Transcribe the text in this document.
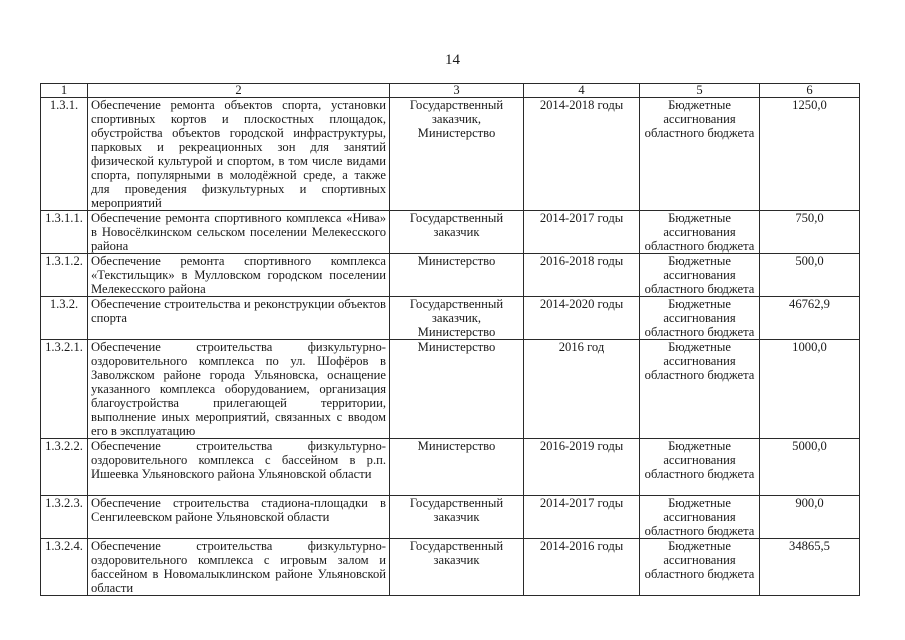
14
1	2	3	4	5	6
1.3.1.	Обеспечение ремонта объектов спорта, установки спортивных кортов и плоскостных площадок, обустройства объектов городской инфраструктуры, парковых и рекреационных зон для занятий физической культурой и спортом, в том числе видами спорта, популярными в молодёжной среде, а также для проведения физкультурных и спортивных мероприятий	Государственный заказчик, Министерство	2014-2018 годы	Бюджетные ассигнования областного бюджета	1250,0
1.3.1.1.	Обеспечение ремонта спортивного комплекса «Нива» в Новосёлкинском сельском поселении Мелекесского района	Государственный заказчик	2014-2017 годы	Бюджетные ассигнования областного бюджета	750,0
1.3.1.2.	Обеспечение ремонта спортивного комплекса «Текстильщик» в Мулловском городском поселении Мелекесского района	Министерство	2016-2018 годы	Бюджетные ассигнования областного бюджета	500,0
1.3.2.	Обеспечение строительства и реконструкции объектов спорта	Государственный заказчик, Министерство	2014-2020 годы	Бюджетные ассигнования областного бюджета	46762,9
1.3.2.1.	Обеспечение строительства физкультурно-оздоровительного комплекса по ул. Шофёров в Заволжском районе города Ульяновска, оснащение указанного комплекса оборудованием, организация благоустройства прилегающей территории, выполнение иных мероприятий, связанных с вводом его в эксплуатацию	Министерство	2016 год	Бюджетные ассигнования областного бюджета	1000,0
1.3.2.2.	Обеспечение строительства физкультурно-оздоровительного комплекса с бассейном в р.п. Ишеевка Ульяновского района Ульяновской области	Министерство	2016-2019 годы	Бюджетные ассигнования областного бюджета	5000,0
1.3.2.3.	Обеспечение строительства стадиона-площадки в Сенгилеевском районе Ульяновской области	Государственный заказчик	2014-2017 годы	Бюджетные ассигнования областного бюджета	900,0
1.3.2.4.	Обеспечение строительства физкультурно-оздоровительного комплекса с игровым залом и бассейном в Новомалыклинском районе Ульяновской области	Государственный заказчик	2014-2016 годы	Бюджетные ассигнования областного бюджета	34865,5
